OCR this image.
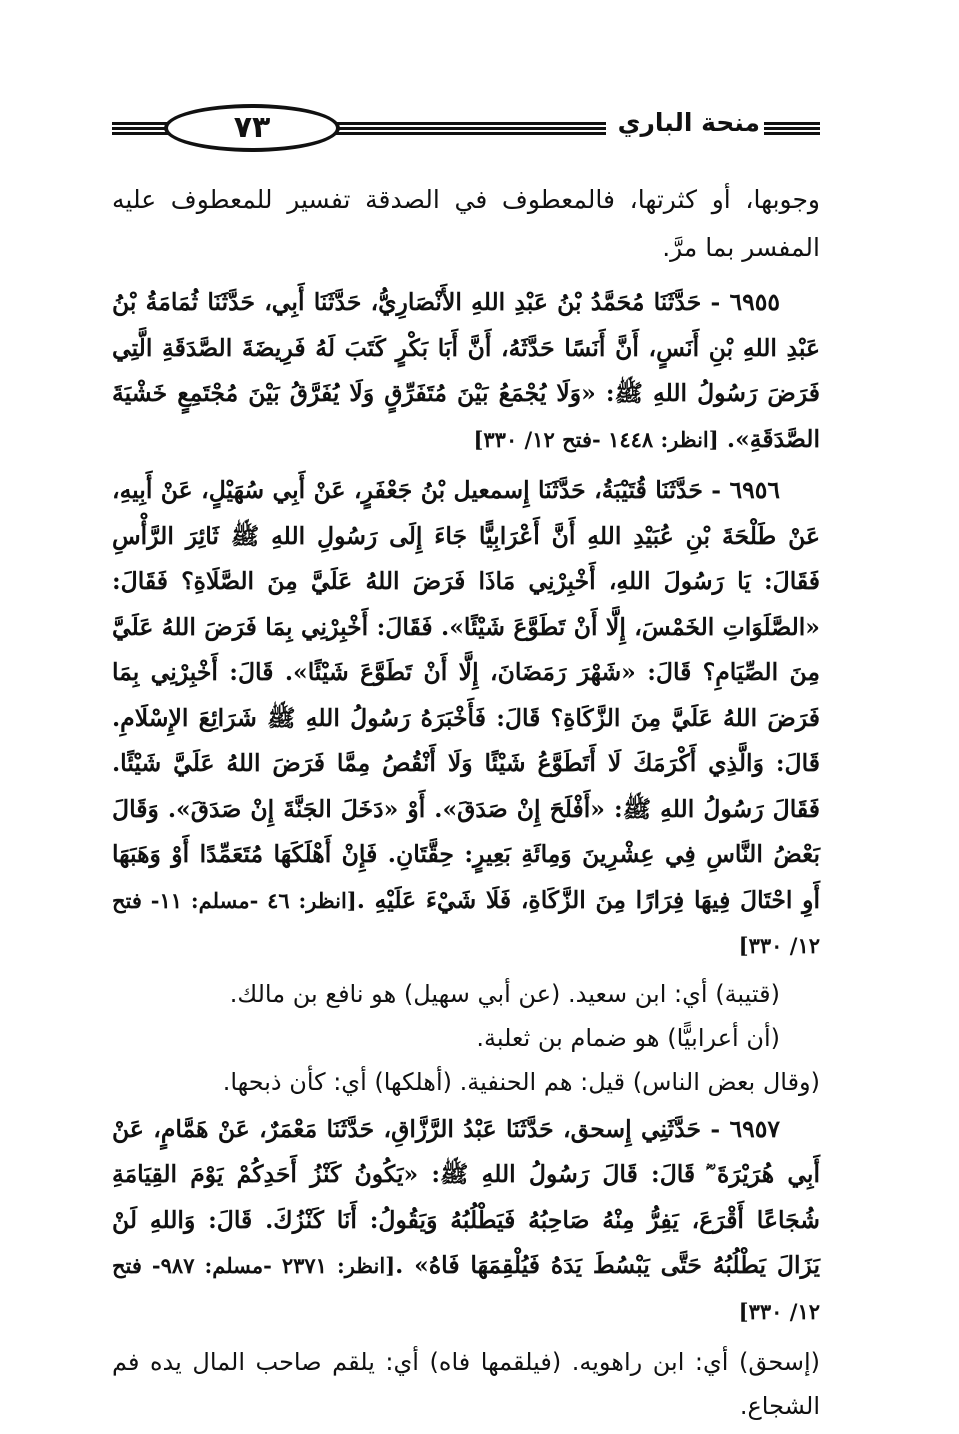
٧٣	منحة الباري

وجوبها، أو كثرتها، فالمعطوف في الصدقة تفسير للمعطوف عليه المفسر بما مرَّ.

٦٩٥٥ - حَدَّثَنَا مُحَمَّدُ بْنُ عَبْدِ اللهِ الأَنْصَارِيُّ، حَدَّثَنَا أَبِي، حَدَّثَنَا ثُمَامَةُ بْنُ عَبْدِ اللهِ بْنِ أَنَسٍ، أَنَّ أَنَسًا حَدَّثَهُ، أَنَّ أَبَا بَكْرٍ كَتَبَ لَهُ فَرِيضَةَ الصَّدَقَةِ الَّتِي فَرَضَ رَسُولُ اللهِ ﷺ: «وَلَا يُجْمَعُ بَيْنَ مُتَفَرِّقٍ وَلَا يُفَرَّقُ بَيْنَ مُجْتَمِعٍ خَشْيَةَ الصَّدَقَةِ». [انظر: ١٤٤٨ -فتح ١٢/ ٣٣٠]

٦٩٥٦ - حَدَّثَنَا قُتَيْبَةُ، حَدَّثَنَا إِسمعيل بْنُ جَعْفَرٍ، عَنْ أَبِي سُهَيْلٍ، عَنْ أَبِيهِ، عَنْ طَلْحَةَ بْنِ عُبَيْدِ اللهِ أَنَّ أَعْرَابِيًّا جَاءَ إِلَى رَسُولِ اللهِ ﷺ ثَائِرَ الرَّأْسِ فَقَالَ: يَا رَسُولَ اللهِ، أَخْبِرْنِي مَاذَا فَرَضَ اللهُ عَلَيَّ مِنَ الصَّلَاةِ؟ فَقَالَ: «الصَّلَوَاتِ الخَمْسَ، إِلَّا أَنْ تَطَوَّعَ شَيْئًا». فَقَالَ: أَخْبِرْنِي بِمَا فَرَضَ اللهُ عَلَيَّ مِنَ الصِّيَامِ؟ قَالَ: «شَهْرَ رَمَضَانَ، إِلَّا أَنْ تَطَوَّعَ شَيْئًا». قَالَ: أَخْبِرْنِي بِمَا فَرَضَ اللهُ عَلَيَّ مِنَ الزَّكَاةِ؟ قَالَ: فَأَخْبَرَهُ رَسُولُ اللهِ ﷺ شَرَائِعَ الإِسْلَامِ. قَالَ: وَالَّذِي أَكْرَمَكَ لَا أَتَطَوَّعُ شَيْئًا وَلَا أَنْقُصُ مِمَّا فَرَضَ اللهُ عَلَيَّ شَيْئًا. فَقَالَ رَسُولُ اللهِ ﷺ: «أَفْلَحَ إِنْ صَدَقَ». أَوْ «دَخَلَ الجَنَّةَ إِنْ صَدَقَ». وَقَالَ بَعْضُ النَّاسِ فِي عِشْرِينَ وَمِائَةِ بَعِيرٍ: حِقَّتَانِ. فَإِنْ أَهْلَكَهَا مُتَعَمِّدًا أَوْ وَهَبَهَا أَوِ احْتَالَ فِيهَا فِرَارًا مِنَ الزَّكَاةِ، فَلَا شَيْءَ عَلَيْهِ .[انظر: ٤٦ -مسلم: ١١- فتح ١٢/ ٣٣٠]

(قتيبة) أي: ابن سعيد. (عن أبي سهيل) هو نافع بن مالك.

(أن أعرابيًّا) هو ضمام بن ثعلبة.

(وقال بعض الناس) قيل: هم الحنفية. (أهلكها) أي: كأن ذبحها.

٦٩٥٧ - حَدَّثَنِي إِسحق، حَدَّثَنَا عَبْدُ الرَّزَّاقِ، حَدَّثَنَا مَعْمَرٌ، عَنْ هَمَّامٍ، عَنْ أَبِي هُرَيْرَةَ ؓ قَالَ: قَالَ رَسُولُ اللهِ ﷺ: «يَكُونُ كَنْزُ أَحَدِكُمْ يَوْمَ القِيَامَةِ شُجَاعًا أَقْرَعَ، يَفِرُّ مِنْهُ صَاحِبُهُ فَيَطْلُبُهُ وَيَقُولُ: أَنَا كَنْزُكَ. قَالَ: وَاللهِ لَنْ يَزَالَ يَطْلُبُهُ حَتَّى يَبْسُطَ يَدَهُ فَيُلْقِمَهَا فَاهُ» .[انظر: ٢٣٧١ -مسلم: ٩٨٧- فتح ١٢/ ٣٣٠]

(إسحق) أي: ابن راهويه. (فيلقمها فاه) أي: يلقم صاحب المال يده فم الشجاع.
